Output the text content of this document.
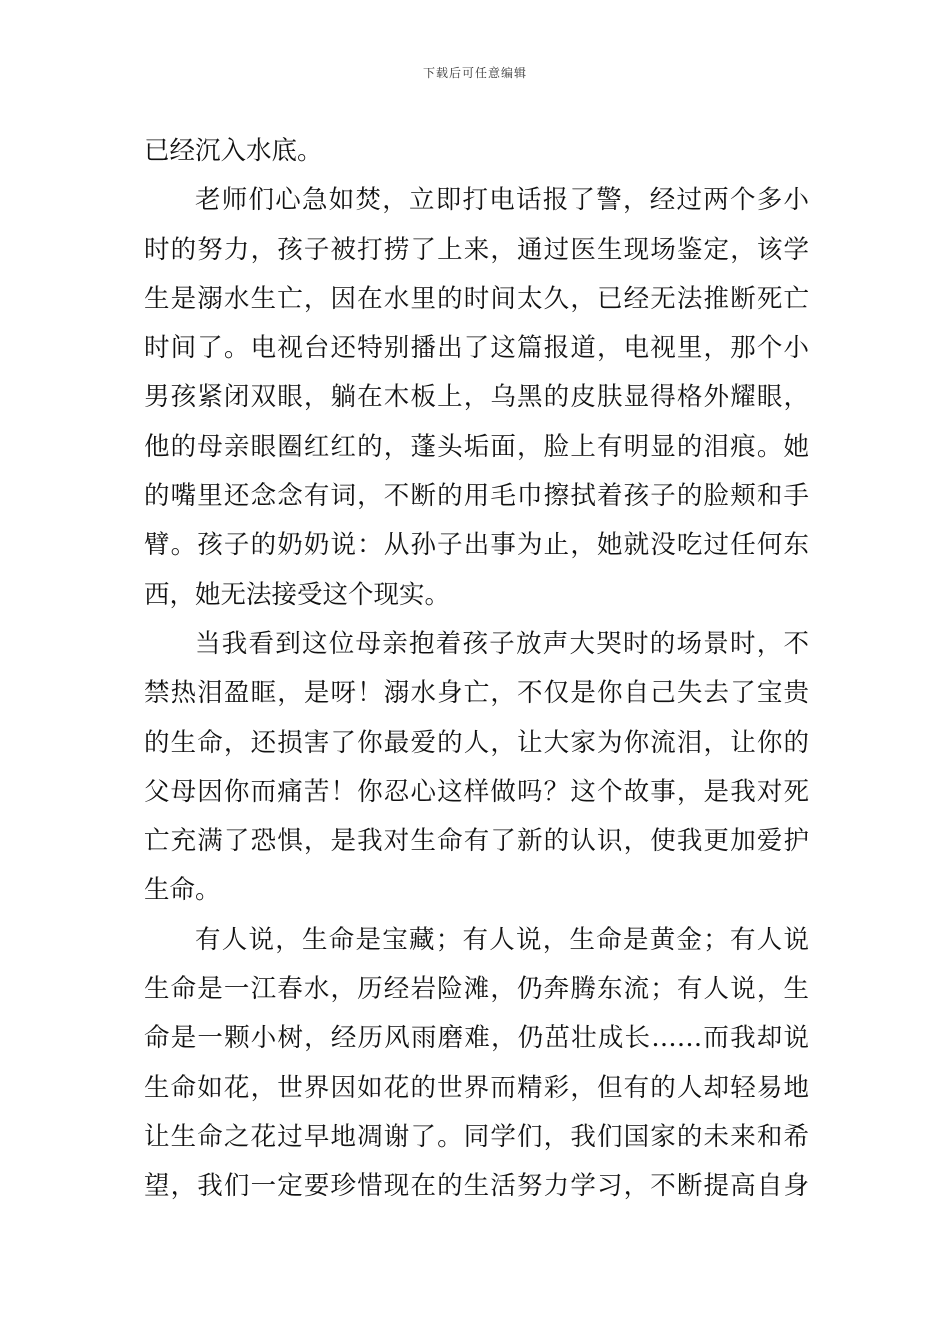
下载后可任意编辑
已经沉入水底。
老师们心急如焚，立即打电话报了警，经过两个多小
时的努力，孩子被打捞了上来，通过医生现场鉴定，该学
生是溺水生亡，因在水里的时间太久，已经无法推断死亡
时间了。电视台还特别播出了这篇报道，电视里，那个小
男孩紧闭双眼，躺在木板上，乌黑的皮肤显得格外耀眼，
他的母亲眼圈红红的，蓬头垢面，脸上有明显的泪痕。她
的嘴里还念念有词，不断的用毛巾擦拭着孩子的脸颊和手
臂。孩子的奶奶说：从孙子出事为止，她就没吃过任何东
西，她无法接受这个现实。
当我看到这位母亲抱着孩子放声大哭时的场景时，不
禁热泪盈眶，是呀！溺水身亡，不仅是你自己失去了宝贵
的生命，还损害了你最爱的人，让大家为你流泪，让你的
父母因你而痛苦！你忍心这样做吗？这个故事，是我对死
亡充满了恐惧，是我对生命有了新的认识，使我更加爱护
生命。
有人说，生命是宝藏；有人说，生命是黄金；有人说
生命是一江春水，历经岩险滩，仍奔腾东流；有人说，生
命是一颗小树，经历风雨磨难，仍茁壮成长……而我却说
生命如花，世界因如花的世界而精彩，但有的人却轻易地
让生命之花过早地凋谢了。同学们，我们国家的未来和希
望，我们一定要珍惜现在的生活努力学习，不断提高自身
